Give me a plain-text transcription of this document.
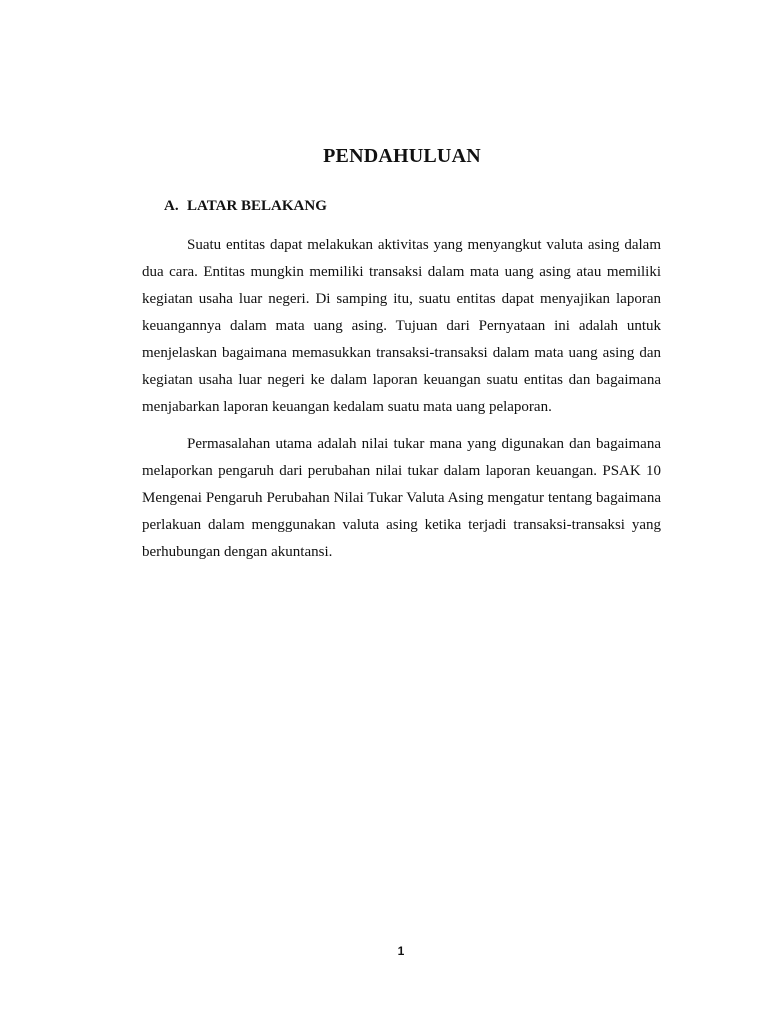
PENDAHULUAN
A. LATAR BELAKANG

Suatu entitas dapat melakukan aktivitas yang menyangkut valuta asing dalam dua cara. Entitas mungkin memiliki transaksi dalam mata uang asing atau memiliki kegiatan usaha luar negeri. Di samping itu, suatu entitas dapat menyajikan laporan keuangannya dalam mata uang asing. Tujuan dari Pernyataan ini adalah untuk menjelaskan bagaimana memasukkan transaksi-transaksi dalam mata uang asing dan kegiatan usaha luar negeri ke dalam laporan keuangan suatu entitas dan bagaimana menjabarkan laporan keuangan kedalam suatu mata uang pelaporan.

Permasalahan utama adalah nilai tukar mana yang digunakan dan bagaimana melaporkan pengaruh dari perubahan nilai tukar dalam laporan keuangan. PSAK 10 Mengenai Pengaruh Perubahan Nilai Tukar Valuta Asing mengatur tentang bagaimana perlakuan dalam menggunakan valuta asing ketika terjadi transaksi-transaksi yang berhubungan dengan akuntansi.

1
